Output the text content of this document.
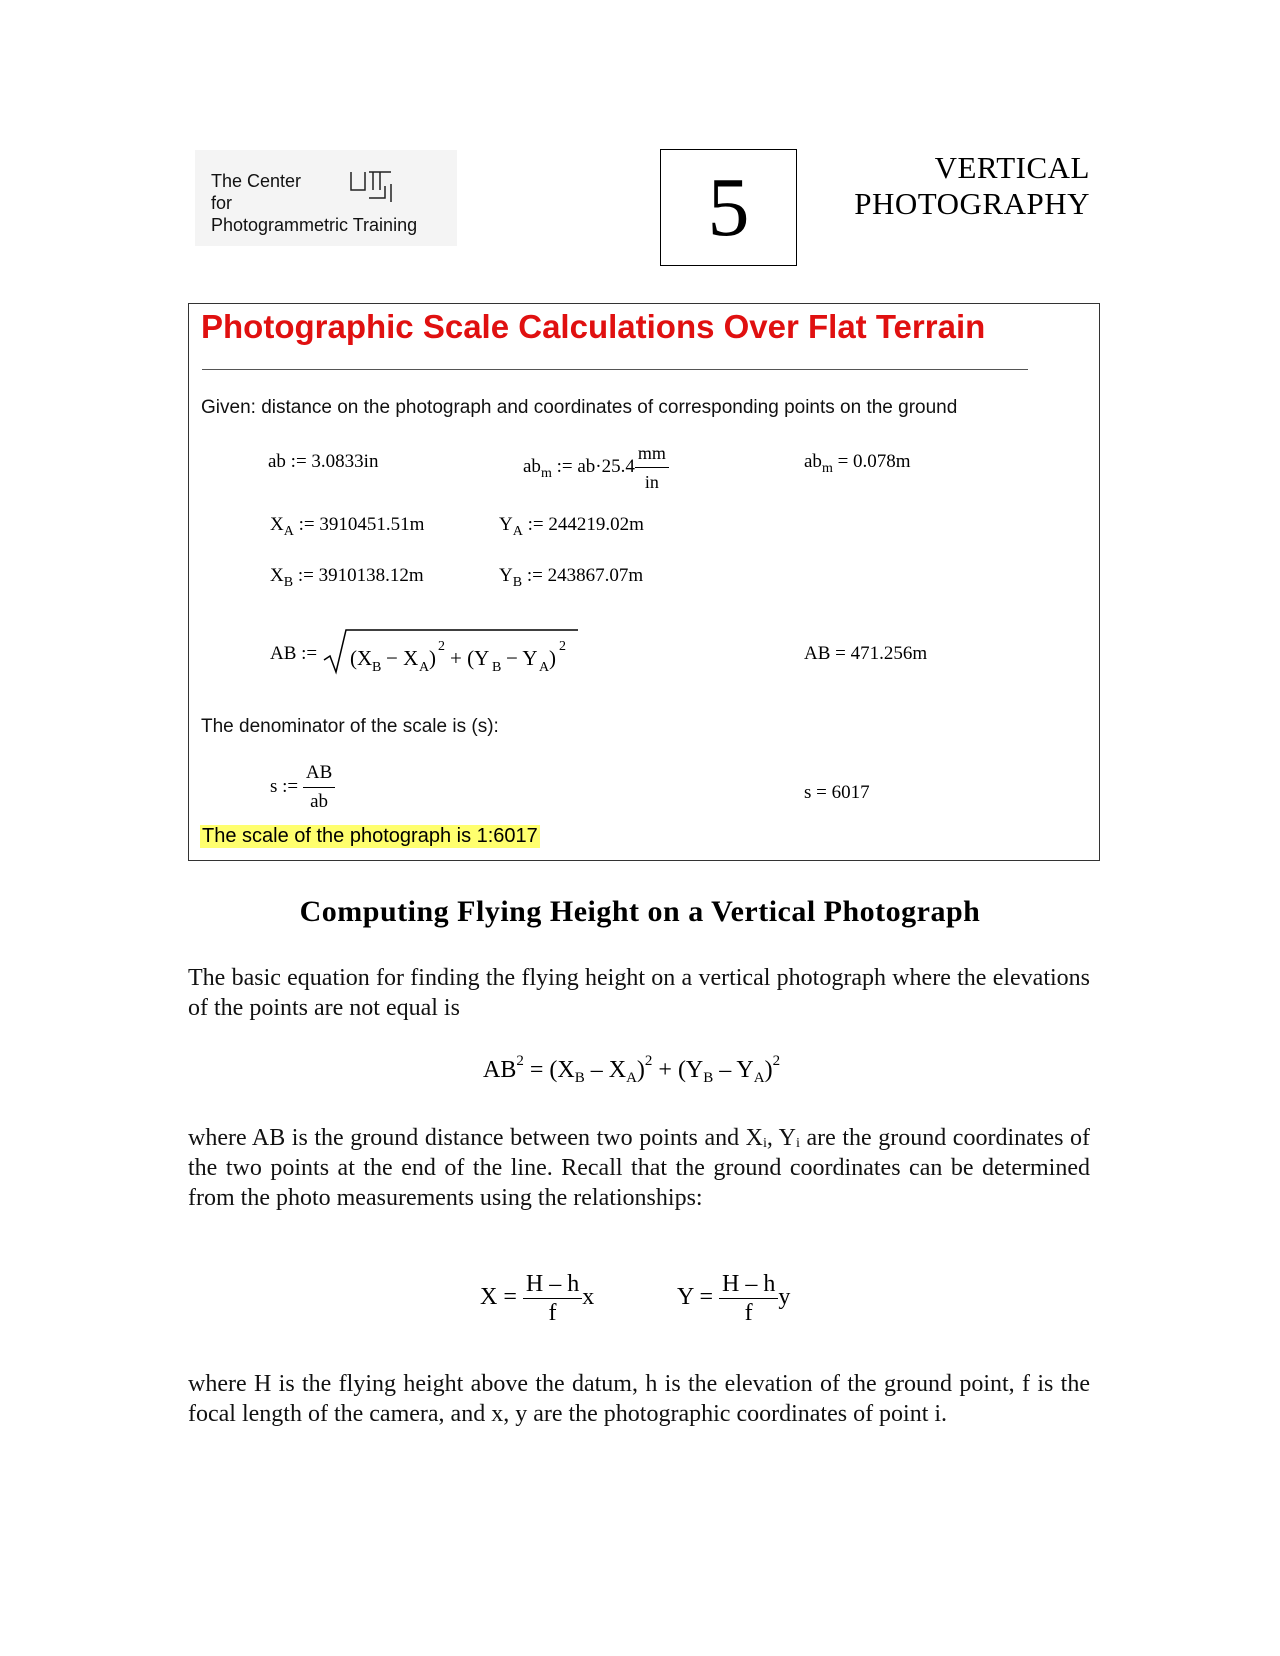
The Center
for
Photogrammetric Training	5	VERTICAL
PHOTOGRAPHY
Photographic Scale Calculations Over Flat Terrain
Given: distance on the photograph and coordinates of corresponding points on the ground
ab := 3.0833in	$ab_m$ := $ab\cdot 25.4 \frac{mm}{in}$	$ab_m = 0.078m$
$X_A$ := 3910451.51m	$Y_A$ := 244219.02m
$X_B$ := 3910138.12m	$Y_B$ := 243867.07m
AB := (X B − X A ) 2 + (Y B − Y A ) 2	AB = 471.256m
The denominator of the scale is (s):
s := $\frac{AB}{ab}$	s = 6017
The scale of the photograph is 1:6017
Computing Flying Height on a Vertical Photograph
The basic equation for finding the flying height on a vertical photograph where the elevations of the points are not equal is
$AB^2 = (X_B - X_A)^2 + (Y_B - Y_A)^2$
where AB is the ground distance between two points and Xᵢ, Yᵢ are the ground coordinates of the two points at the end of the line. Recall that the ground coordinates can be determined from the photo measurements using the relationships:
$X = \frac{H - h}{f}$ x	$Y = \frac{H - h}{f}$ y
where H is the flying height above the datum, h is the elevation of the ground point, f is the focal length of the camera, and x, y are the photographic coordinates of point i.
